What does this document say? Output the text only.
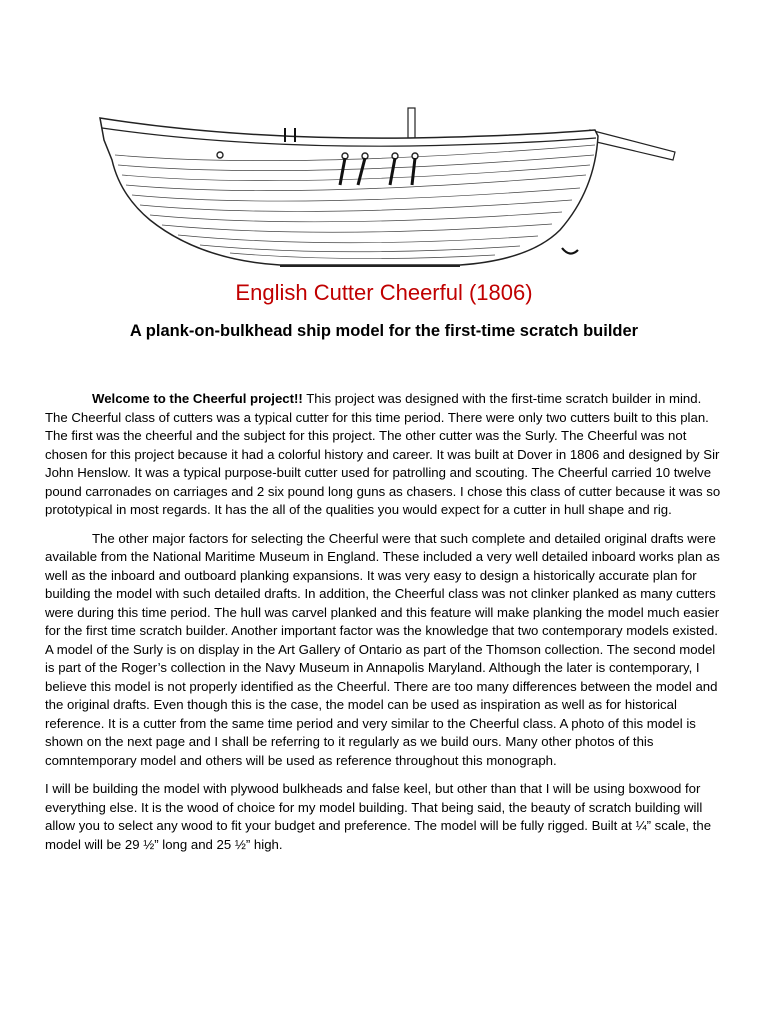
English Cutter Cheerful (1806)
A plank-on-bulkhead ship model for the first-time scratch builder

Welcome to the Cheerful project!! This project was designed with the first-time scratch builder in mind. The Cheerful class of cutters was a typical cutter for this time period. There were only two cutters built to this plan. The first was the cheerful and the subject for this project. The other cutter was the Surly. The Cheerful was not chosen for this project because it had a colorful history and career. It was built at Dover in 1806 and designed by Sir John Henslow. It was a typical purpose-built cutter used for patrolling and scouting. The Cheerful carried 10 twelve pound carronades on carriages and 2 six pound long guns as chasers. I chose this class of cutter because it was so prototypical in most regards. It has the all of the qualities you would expect for a cutter in hull shape and rig.

The other major factors for selecting the Cheerful were that such complete and detailed original drafts were available from the National Maritime Museum in England. These included a very well detailed inboard works plan as well as the inboard and outboard planking expansions. It was very easy to design a historically accurate plan for building the model with such detailed drafts. In addition, the Cheerful class was not clinker planked as many cutters were during this time period. The hull was carvel planked and this feature will make planking the model much easier for the first time scratch builder. Another important factor was the knowledge that two contemporary models existed. A model of the Surly is on display in the Art Gallery of Ontario as part of the Thomson collection. The second model is part of the Roger’s collection in the Navy Museum in Annapolis Maryland. Although the later is contemporary, I believe this model is not properly identified as the Cheerful. There are too many differences between the model and the original drafts. Even though this is the case, the model can be used as inspiration as well as for historical reference. It is a cutter from the same time period and very similar to the Cheerful class. A photo of this model is shown on the next page and I shall be referring to it regularly as we build ours. Many other photos of this comntemporary model and others will be used as reference throughout this monograph.

I will be building the model with plywood bulkheads and false keel, but other than that I will be using boxwood for everything else. It is the wood of choice for my model building. That being said, the beauty of scratch building will allow you to select any wood to fit your budget and preference. The model will be fully rigged. Built at ¼” scale, the model will be 29 ½” long and 25 ½” high.
